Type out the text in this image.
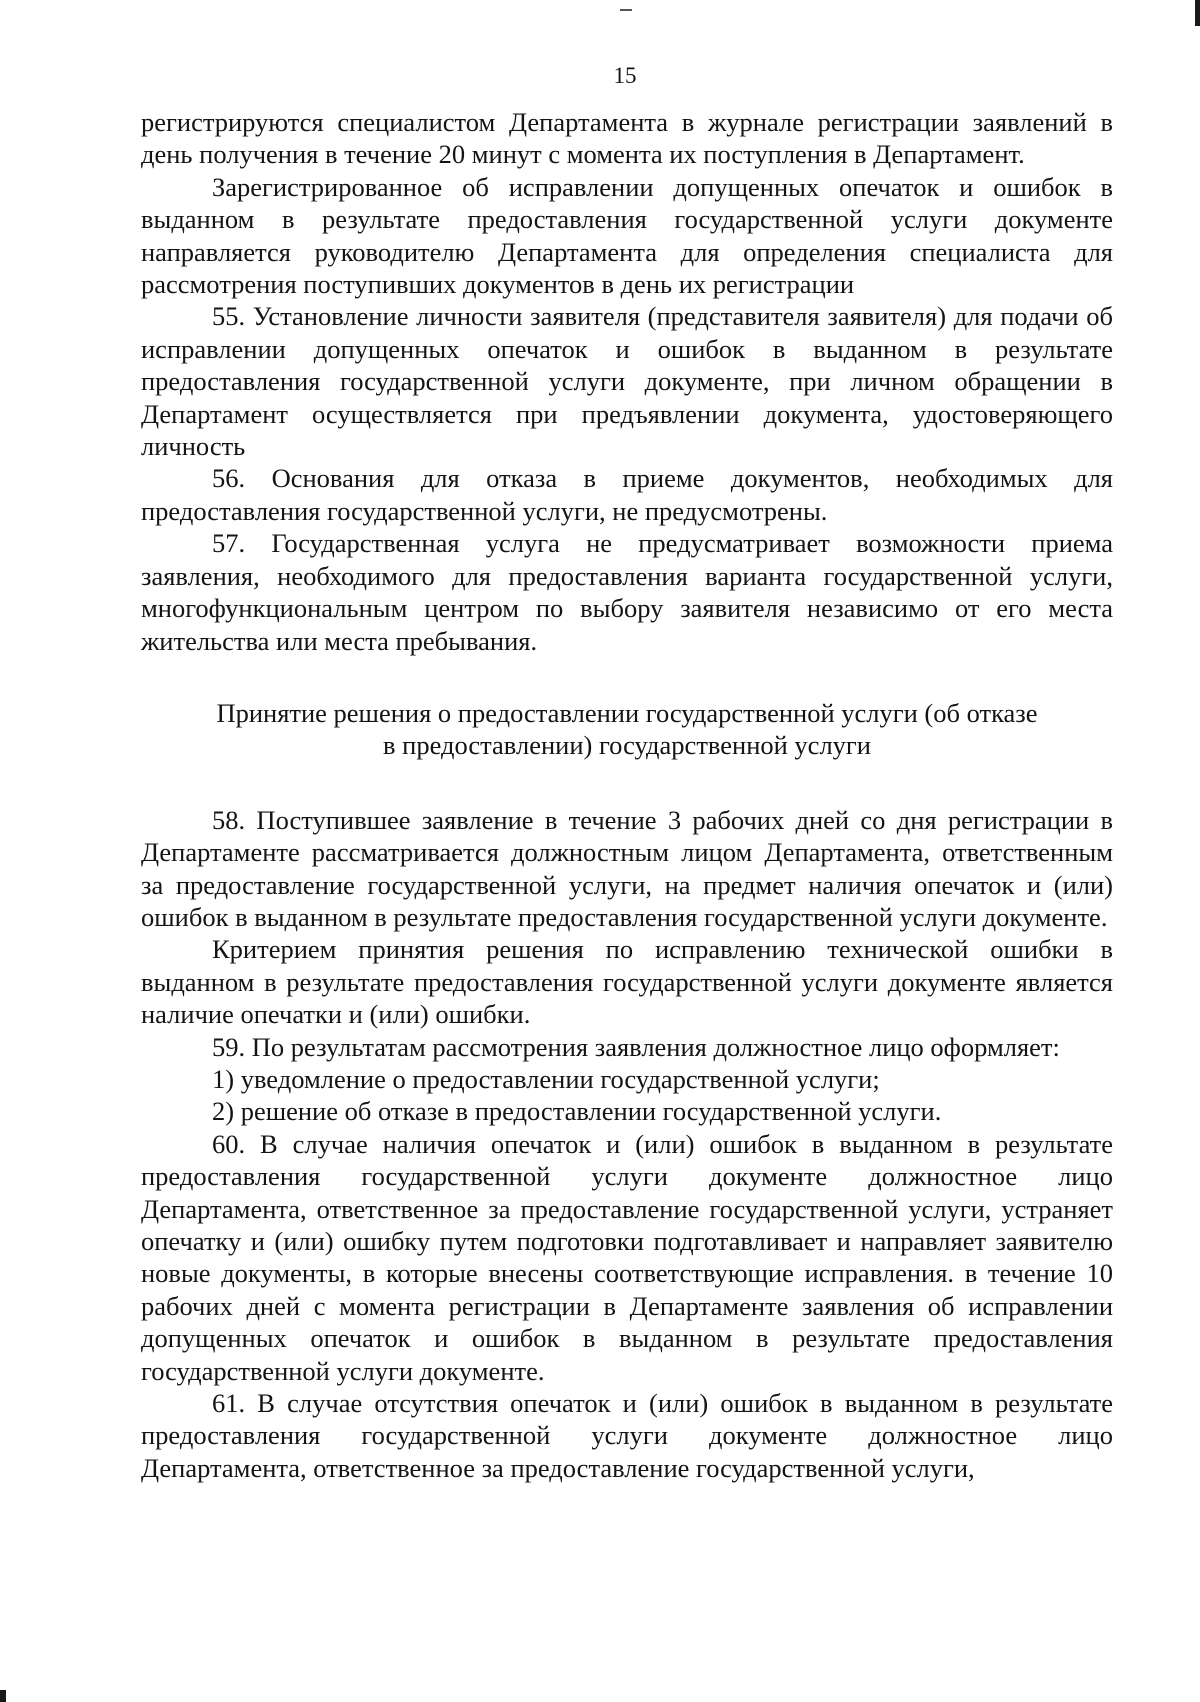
15

регистрируются специалистом Департамента в журнале регистрации заявлений в день получения в течение 20 минут с момента их поступления в Департамент.

Зарегистрированное об исправлении допущенных опечаток и ошибок в выданном в результате предоставления государственной услуги документе направляется руководителю Департамента для определения специалиста для рассмотрения поступивших документов в день их регистрации

55. Установление личности заявителя (представителя заявителя) для подачи об исправлении допущенных опечаток и ошибок в выданном в результате предоставления государственной услуги документе, при личном обращении в Департамент осуществляется при предъявлении документа, удостоверяющего личность

56. Основания для отказа в приеме документов, необходимых для предоставления государственной услуги, не предусмотрены.

57. Государственная услуга не предусматривает возможности приема заявления, необходимого для предоставления варианта государственной услуги, многофункциональным центром по выбору заявителя независимо от его места жительства или места пребывания.

Принятие решения о предоставлении государственной услуги (об отказе
в предоставлении) государственной услуги

58. Поступившее заявление в течение 3 рабочих дней со дня регистрации в Департаменте рассматривается должностным лицом Департамента, ответственным за предоставление государственной услуги, на предмет наличия опечаток и (или) ошибок в выданном в результате предоставления государственной услуги документе.

Критерием принятия решения по исправлению технической ошибки в выданном в результате предоставления государственной услуги документе является наличие опечатки и (или) ошибки.

59. По результатам рассмотрения заявления должностное лицо оформляет:

1) уведомление о предоставлении государственной услуги;

2) решение об отказе в предоставлении государственной услуги.

60. В случае наличия опечаток и (или) ошибок в выданном в результате предоставления государственной услуги документе должностное лицо Департамента, ответственное за предоставление государственной услуги, устраняет опечатку и (или) ошибку путем подготовки подготавливает и направляет заявителю новые документы, в которые внесены соответствующие исправления. в течение 10 рабочих дней с момента регистрации в Департаменте заявления об исправлении допущенных опечаток и ошибок в выданном в результате предоставления государственной услуги документе.

61. В случае отсутствия опечаток и (или) ошибок в выданном в результате предоставления государственной услуги документе должностное лицо Департамента, ответственное за предоставление государственной услуги,
